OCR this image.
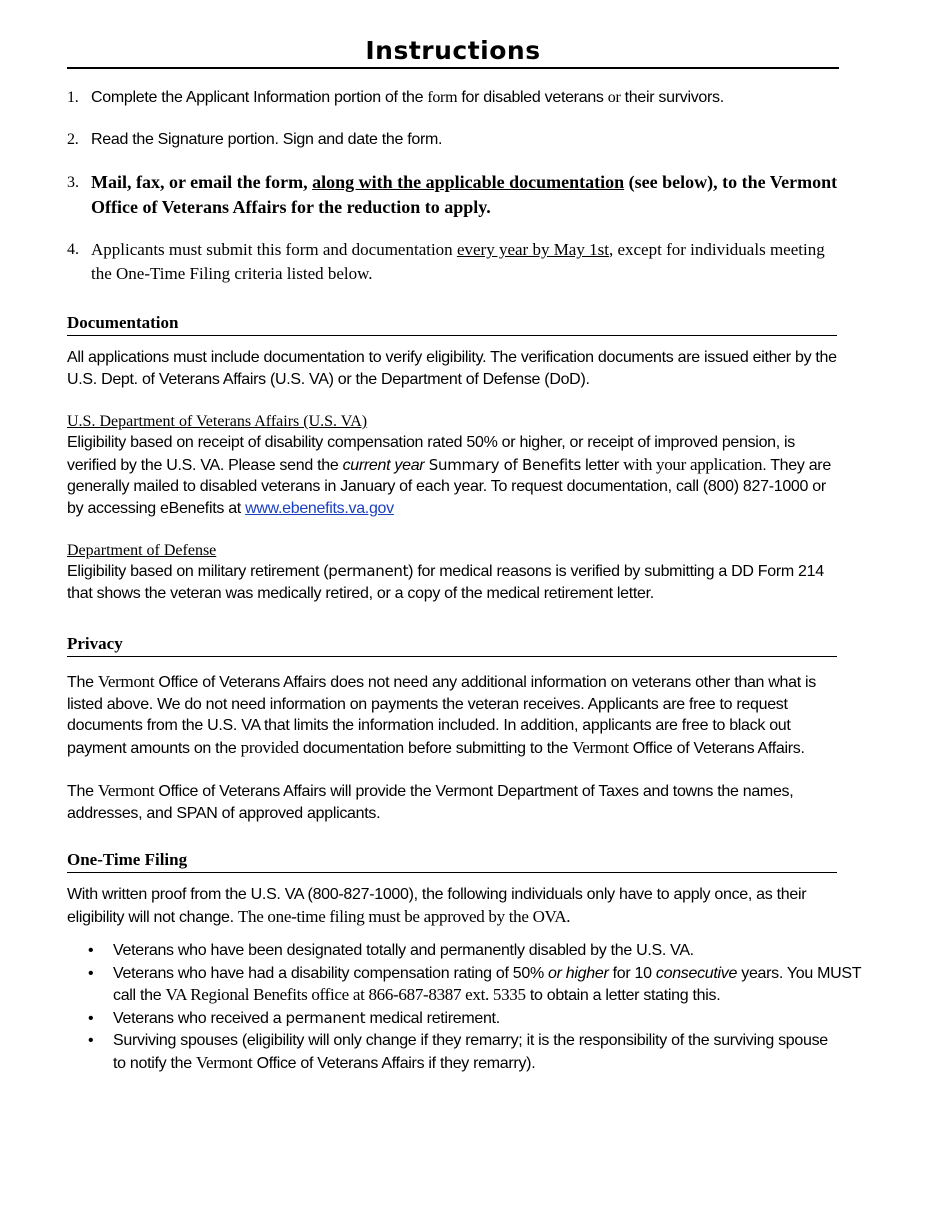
Instructions
1. Complete the Applicant Information portion of the form for disabled veterans or their survivors.
2. Read the Signature portion. Sign and date the form.
3. Mail, fax, or email the form, along with the applicable documentation (see below), to the Vermont Office of Veterans Affairs for the reduction to apply.
4. Applicants must submit this form and documentation every year by May 1st, except for individuals meeting the One-Time Filing criteria listed below.
Documentation
All applications must include documentation to verify eligibility. The verification documents are issued either by the U.S. Dept. of Veterans Affairs (U.S. VA) or the Department of Defense (DoD).
U.S. Department of Veterans Affairs (U.S. VA)
Eligibility based on receipt of disability compensation rated 50% or higher, or receipt of improved pension, is verified by the U.S. VA. Please send the current year Summary of Benefits letter with your application. They are generally mailed to disabled veterans in January of each year. To request documentation, call (800) 827-1000 or by accessing eBenefits at www.ebenefits.va.gov
Department of Defense
Eligibility based on military retirement (permanent) for medical reasons is verified by submitting a DD Form 214 that shows the veteran was medically retired, or a copy of the medical retirement letter.
Privacy
The Vermont Office of Veterans Affairs does not need any additional information on veterans other than what is listed above. We do not need information on payments the veteran receives. Applicants are free to request documents from the U.S. VA that limits the information included. In addition, applicants are free to black out payment amounts on the provided documentation before submitting to the Vermont Office of Veterans Affairs.
The Vermont Office of Veterans Affairs will provide the Vermont Department of Taxes and towns the names, addresses, and SPAN of approved applicants.
One-Time Filing
With written proof from the U.S. VA (800-827-1000), the following individuals only have to apply once, as their eligibility will not change. The one-time filing must be approved by the OVA.
• Veterans who have been designated totally and permanently disabled by the U.S. VA.
• Veterans who have had a disability compensation rating of 50% or higher for 10 consecutive years. You MUST call the VA Regional Benefits office at 866-687-8387 ext. 5335 to obtain a letter stating this.
• Veterans who received a permanent medical retirement.
• Surviving spouses (eligibility will only change if they remarry; it is the responsibility of the surviving spouse to notify the Vermont Office of Veterans Affairs if they remarry).
